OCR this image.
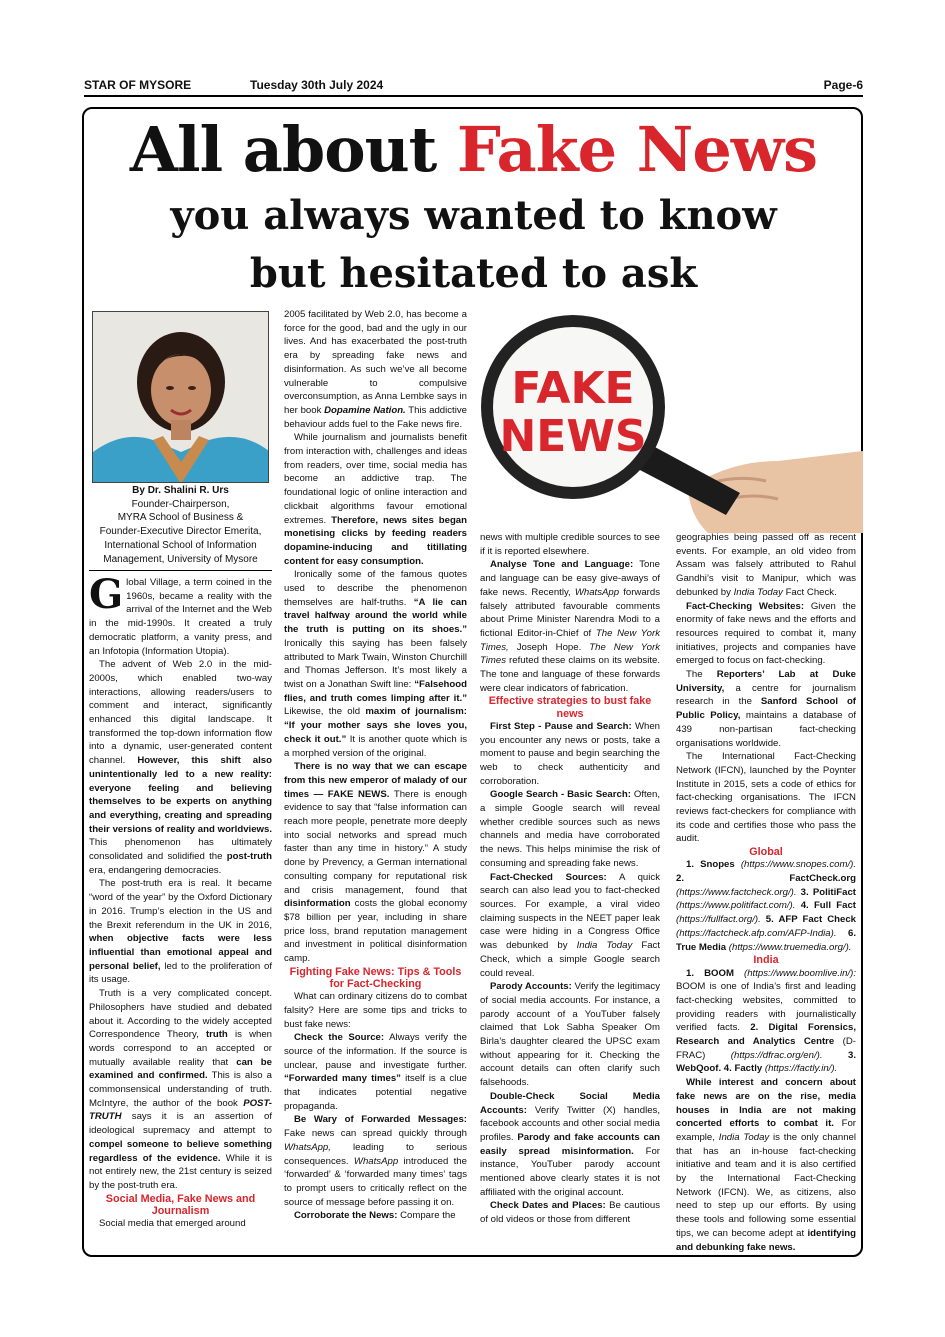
STAR OF MYSORE	Tuesday 30th July 2024	Page-6
All about Fake News
you always wanted to know
but hesitated to ask
By Dr. Shalini R. Urs
Founder-Chairperson,
MYRA School of Business &
Founder-Executive Director Emerita,
International School of Information
Management, University of Mysore
FAKE
NEWS

Global Village, a term coined in the 1960s, became a reality with the arrival of the Internet and the Web in the mid-1990s. It created a truly democratic platform, a vanity press, and an Infotopia (Information Utopia).

The advent of Web 2.0 in the mid-2000s, which enabled two-way interactions, allowing readers/users to comment and interact, significantly enhanced this digital landscape. It transformed the top-down information flow into a dynamic, user-generated content channel. However, this shift also unintentionally led to a new reality: everyone feeling and believing themselves to be experts on anything and everything, creating and spreading their versions of reality and worldviews. This phenomenon has ultimately consolidated and solidified the post-truth era, endangering democracies.

The post-truth era is real. It became “word of the year” by the Oxford Dictionary in 2016. Trump’s election in the US and the Brexit referendum in the UK in 2016, when objective facts were less influential than emotional appeal and personal belief, led to the proliferation of its usage.

Truth is a very complicated concept. Philosophers have studied and debated about it. According to the widely accepted Correspondence Theory, truth is when words correspond to an accepted or mutually available reality that can be examined and confirmed. This is also a commonsensical understanding of truth. McIntyre, the author of the book POST-TRUTH says it is an assertion of ideological supremacy and attempt to compel someone to believe something regardless of the evidence. While it is not entirely new, the 21st century is seized by the post-truth era.

Social Media, Fake News and Journalism

Social media that emerged around

2005 facilitated by Web 2.0, has become a force for the good, bad and the ugly in our lives. And has exacerbated the post-truth era by spreading fake news and disinformation. As such we’ve all become vulnerable to compulsive overconsumption, as Anna Lembke says in her book Dopamine Nation. This addictive behaviour adds fuel to the Fake news fire.

While journalism and journalists benefit from interaction with, challenges and ideas from readers, over time, social media has become an addictive trap. The foundational logic of online interaction and clickbait algorithms favour emotional extremes. Therefore, news sites began monetising clicks by feeding readers dopamine-inducing and titillating content for easy consumption.

Ironically some of the famous quotes used to describe the phenomenon themselves are half-truths. “A lie can travel halfway around the world while the truth is putting on its shoes.” Ironically this saying has been falsely attributed to Mark Twain, Winston Churchill and Thomas Jefferson. It’s most likely a twist on a Jonathan Swift line: “Falsehood flies, and truth comes limping after it.” Likewise, the old maxim of journalism: “If your mother says she loves you, check it out.” It is another quote which is a morphed version of the original.

There is no way that we can escape from this new emperor of malady of our times — FAKE NEWS. There is enough evidence to say that “false information can reach more people, penetrate more deeply into social networks and spread much faster than any time in history.” A study done by Prevency, a German international consulting company for reputational risk and crisis management, found that disinformation costs the global economy $78 billion per year, including in share price loss, brand reputation management and investment in political disinformation camp.

Fighting Fake News: Tips & Tools for Fact-Checking

What can ordinary citizens do to combat falsity? Here are some tips and tricks to bust fake news:

Check the Source: Always verify the source of the information. If the source is unclear, pause and investigate further. “Forwarded many times” itself is a clue that indicates potential negative propaganda.

Be Wary of Forwarded Messages: Fake news can spread quickly through WhatsApp, leading to serious consequences. WhatsApp introduced the ‘forwarded’ & ‘forwarded many times’ tags to prompt users to critically reflect on the source of message before passing it on.

Corroborate the News: Compare the

news with multiple credible sources to see if it is reported elsewhere.

Analyse Tone and Language: Tone and language can be easy give-aways of fake news. Recently, WhatsApp forwards falsely attributed favourable comments about Prime Minister Narendra Modi to a fictional Editor-in-Chief of The New York Times, Joseph Hope. The New York Times refuted these claims on its website. The tone and language of these forwards were clear indicators of fabrication.

Effective strategies to bust fake news

First Step - Pause and Search: When you encounter any news or posts, take a moment to pause and begin searching the web to check authenticity and corroboration.

Google Search - Basic Search: Often, a simple Google search will reveal whether credible sources such as news channels and media have corroborated the news. This helps minimise the risk of consuming and spreading fake news.

Fact-Checked Sources: A quick search can also lead you to fact-checked sources. For example, a viral video claiming suspects in the NEET paper leak case were hiding in a Congress Office was debunked by India Today Fact Check, which a simple Google search could reveal.

Parody Accounts: Verify the legitimacy of social media accounts. For instance, a parody account of a YouTuber falsely claimed that Lok Sabha Speaker Om Birla’s daughter cleared the UPSC exam without appearing for it. Checking the account details can often clarify such falsehoods.

Double-Check Social Media Accounts: Verify Twitter (X) handles, facebook accounts and other social media profiles. Parody and fake accounts can easily spread misinformation. For instance, YouTuber parody account mentioned above clearly states it is not affiliated with the original account.

Check Dates and Places: Be cautious of old videos or those from different

geographies being passed off as recent events. For example, an old video from Assam was falsely attributed to Rahul Gandhi’s visit to Manipur, which was debunked by India Today Fact Check.

Fact-Checking Websites: Given the enormity of fake news and the efforts and resources required to combat it, many initiatives, projects and companies have emerged to focus on fact-checking.

The Reporters’ Lab at Duke University, a centre for journalism research in the Sanford School of Public Policy, maintains a database of 439 non-partisan fact-checking organisations worldwide.

The International Fact-Checking Network (IFCN), launched by the Poynter Institute in 2015, sets a code of ethics for fact-checking organisations. The IFCN reviews fact-checkers for compliance with its code and certifies those who pass the audit.

Global

1. Snopes (https://www.snopes.com/). 2. FactCheck.org (https://www.factcheck.org/). 3. PolitiFact (https://www.politifact.com/). 4. Full Fact (https://fullfact.org/). 5. AFP Fact Check (https://factcheck.afp.com/AFP-India). 6. True Media (https://www.truemedia.org/).

India

1. BOOM (https://www.boomlive.in/): BOOM is one of India’s first and leading fact-checking websites, committed to providing readers with journalistically verified facts. 2. Digital Forensics, Research and Analytics Centre (D-FRAC)	(https://dfrac.org/en/).	3. WebQoof. 4. Factly (https://factly.in/).

While interest and concern about fake news are on the rise, media houses in India are not making concerted efforts to combat it. For example, India Today is the only channel that has an in-house fact-checking initiative and team and it is also certified by the International Fact-Checking Network (IFCN). We, as citizens, also need to step up our efforts. By using these tools and following some essential tips, we can become adept at identifying and debunking fake news.
